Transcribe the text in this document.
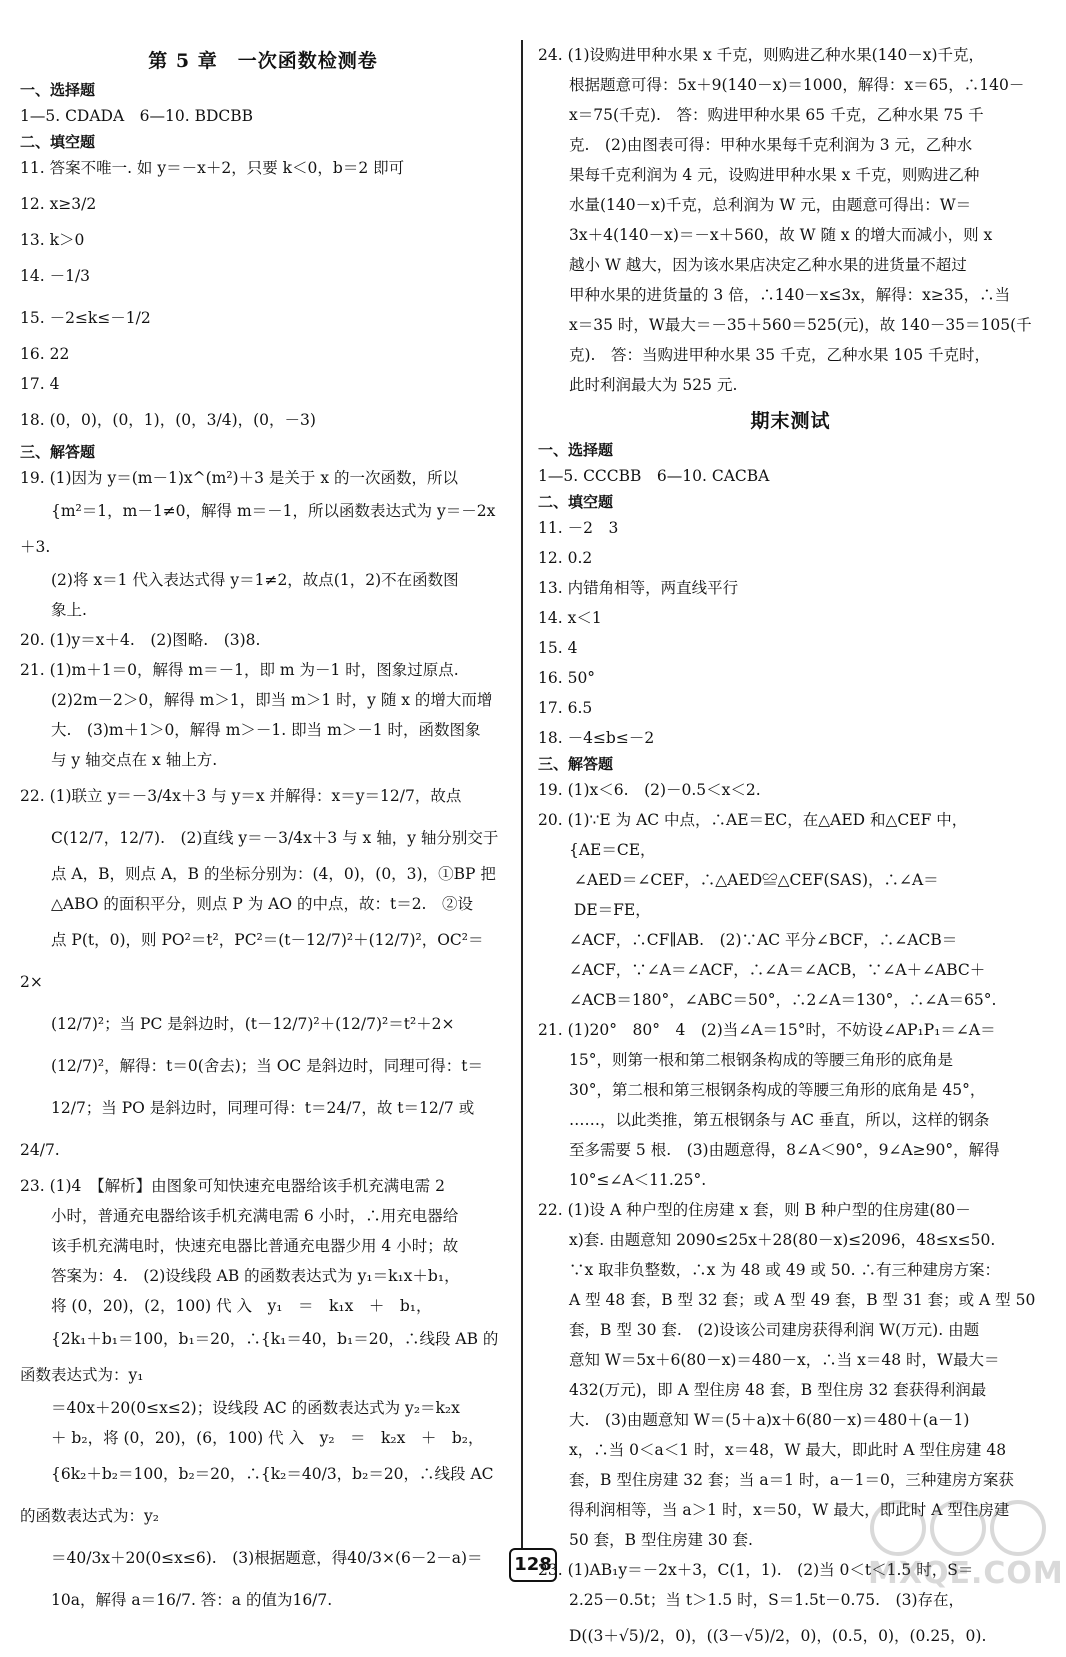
第 5 章　一次函数检测卷
一、选择题
1—5. CDADA　6—10. BDCBB
二、填空题
11. 答案不唯一. 如 y＝－x＋2，只要 k＜0，b＝2 即可
12. x≥3/2
13. k＞0
14. －1/3
15. －2≤k≤－1/2
16. 22
17. 4
18. (0，0)，(0，1)，(0，3/4)，(0，－3)
三、解答题
19. (1)因为 y＝(m－1)x^(m²)＋3 是关于 x 的一次函数，所以
　　{m²＝1，m－1≠0，解得 m＝－1，所以函数表达式为 y＝－2x＋3.
　　(2)将 x＝1 代入表达式得 y＝1≠2，故点(1，2)不在函数图
　　象上.
20. (1)y＝x＋4.　(2)图略.　(3)8.
21. (1)m＋1＝0，解得 m＝－1，即 m 为－1 时，图象过原点.
　　(2)2m－2＞0，解得 m＞1，即当 m＞1 时，y 随 x 的增大而增
　　大.　(3)m＋1＞0，解得 m＞－1. 即当 m＞－1 时，函数图象
　　与 y 轴交点在 x 轴上方.
22. (1)联立 y＝－3/4x＋3 与 y＝x 并解得：x＝y＝12/7，故点
　　C(12/7，12/7).　(2)直线 y＝－3/4x＋3 与 x 轴，y 轴分别交于
　　点 A，B，则点 A，B 的坐标分别为：(4，0)，(0，3)，①BP 把
　　△ABO 的面积平分，则点 P 为 AO 的中点，故：t＝2.　②设
　　点 P(t，0)，则 PO²＝t²，PC²＝(t－12/7)²＋(12/7)²，OC²＝2×
　　(12/7)²；当 PC 是斜边时，(t－12/7)²＋(12/7)²＝t²＋2×
　　(12/7)²，解得：t＝0(舍去)；当 OC 是斜边时，同理可得：t＝
　　12/7；当 PO 是斜边时，同理可得：t＝24/7，故 t＝12/7 或24/7.
23. (1)4　【解析】由图象可知快速充电器给该手机充满电需 2
　　小时，普通充电器给该手机充满电需 6 小时，∴用充电器给
　　该手机充满电时，快速充电器比普通充电器少用 4 小时；故
　　答案为：4.　(2)设线段 AB 的函数表达式为 y₁＝k₁x＋b₁，
　　将 (0，20)，(2，100) 代 入　y₁　＝　k₁x　＋　b₁，
　　{2k₁＋b₁＝100，b₁＝20，∴{k₁＝40，b₁＝20，∴线段 AB 的函数表达式为：y₁
　　＝40x＋20(0≤x≤2)；设线段 AC 的函数表达式为 y₂＝k₂x
　　＋ b₂，将 (0，20)，(6，100) 代 入　y₂　＝　k₂x　＋　b₂，
　　{6k₂＋b₂＝100，b₂＝20，∴{k₂＝40/3，b₂＝20，∴线段 AC 的函数表达式为：y₂
　　＝40/3x＋20(0≤x≤6).　(3)根据题意，得40/3×(6－2－a)＝
　　10a，解得 a＝16/7. 答：a 的值为16/7.
24. (1)设购进甲种水果 x 千克，则购进乙种水果(140－x)千克，
　　根据题意可得：5x＋9(140－x)＝1000，解得：x＝65，∴140－
　　x＝75(千克).　答：购进甲种水果 65 千克，乙种水果 75 千
　　克.　(2)由图表可得：甲种水果每千克利润为 3 元，乙种水
　　果每千克利润为 4 元，设购进甲种水果 x 千克，则购进乙种
　　水量(140－x)千克，总利润为 W 元，由题意可得出：W＝
　　3x＋4(140－x)＝－x＋560，故 W 随 x 的增大而减小，则 x
　　越小 W 越大，因为该水果店决定乙种水果的进货量不超过
　　甲种水果的进货量的 3 倍，∴140－x≤3x，解得：x≥35，∴当
　　x＝35 时，W最大＝－35＋560＝525(元)，故 140－35＝105(千
　　克).　答：当购进甲种水果 35 千克，乙种水果 105 千克时，
　　此时利润最大为 525 元.
期末测试
一、选择题
1—5. CCCBB　6—10. CACBA
二、填空题
11. －2　3
12. 0.2
13. 内错角相等，两直线平行
14. x＜1
15. 4
16. 50°
17. 6.5
18. －4≤b≤－2
三、解答题
19. (1)x＜6.　(2)－0.5＜x＜2.
20. (1)∵E 为 AC 中点，∴AE＝EC，在△AED 和△CEF 中，
　　{AE＝CE，
　　 ∠AED＝∠CEF，∴△AED≌△CEF(SAS)，∴∠A＝
　　 DE＝FE，
　　∠ACF，∴CF∥AB.　(2)∵AC 平分∠BCF，∴∠ACB＝
　　∠ACF，∵∠A＝∠ACF，∴∠A＝∠ACB，∵∠A＋∠ABC＋
　　∠ACB＝180°，∠ABC＝50°，∴2∠A＝130°，∴∠A＝65°.
21. (1)20°　80°　4　(2)当∠A＝15°时，不妨设∠AP₁P₁＝∠A＝
　　15°，则第一根和第二根钢条构成的等腰三角形的底角是
　　30°，第二根和第三根钢条构成的等腰三角形的底角是 45°，
　　……，以此类推，第五根钢条与 AC 垂直，所以，这样的钢条
　　至多需要 5 根.　(3)由题意得，8∠A＜90°，9∠A≥90°，解得
　　10°≤∠A＜11.25°.
22. (1)设 A 种户型的住房建 x 套，则 B 种户型的住房建(80－
　　x)套. 由题意知 2090≤25x＋28(80－x)≤2096，48≤x≤50.
　　∵x 取非负整数，∴x 为 48 或 49 或 50. ∴有三种建房方案：
　　A 型 48 套，B 型 32 套；或 A 型 49 套，B 型 31 套；或 A 型 50
　　套，B 型 30 套.　(2)设该公司建房获得利润 W(万元). 由题
　　意知 W＝5x＋6(80－x)＝480－x，∴当 x＝48 时，W最大＝
　　432(万元)，即 A 型住房 48 套，B 型住房 32 套获得利润最
　　大.　(3)由题意知 W＝(5＋a)x＋6(80－x)＝480＋(a－1)
　　x，∴当 0＜a＜1 时，x＝48，W 最大，即此时 A 型住房建 48
　　套，B 型住房建 32 套；当 a＝1 时，a－1＝0，三种建房方案获
　　得利润相等，当 a＞1 时，x＝50，W 最大，即此时 A 型住房建
　　50 套，B 型住房建 30 套.
23. (1)AB₁y＝－2x＋3，C(1，1).　(2)当 0＜t＜1.5 时，S＝
　　2.25－0.5t；当 t＞1.5 时，S＝1.5t－0.75.　(3)存在，
　　D((3＋√5)/2，0)，((3－√5)/2，0)，(0.5，0)，(0.25，0).
128	MXQE.COM
